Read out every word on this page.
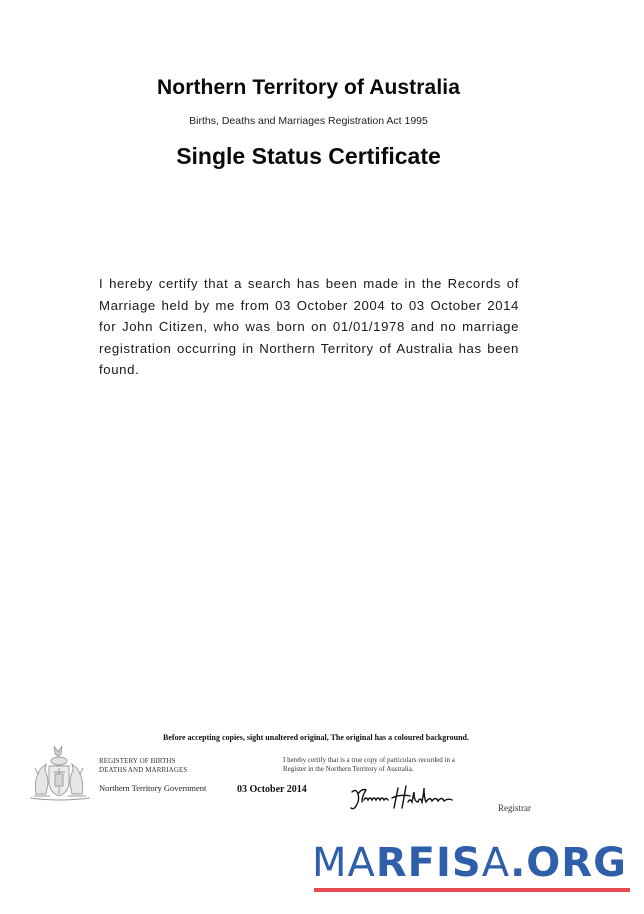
Northern Territory of Australia
Births, Deaths and Marriages Registration Act 1995
Single Status Certificate
I hereby certify that a search has been made in the Records of Marriage held by me from 03 October 2004 to 03 October 2014 for John Citizen, who was born on 01/01/1978 and no marriage registration occurring in Northern Territory of Australia has been found.
Before accepting copies, sight unaltered original, The original has a coloured background.
REGISTERY OF BIRTHS
DEATHS AND MARRIAGES
Northern Territory Government
I hereby certify that is a true copy of particulars recorded in a
Register in the Northern Territory of Australia.
03 October 2014
Registrar
MARFISA.ORG
